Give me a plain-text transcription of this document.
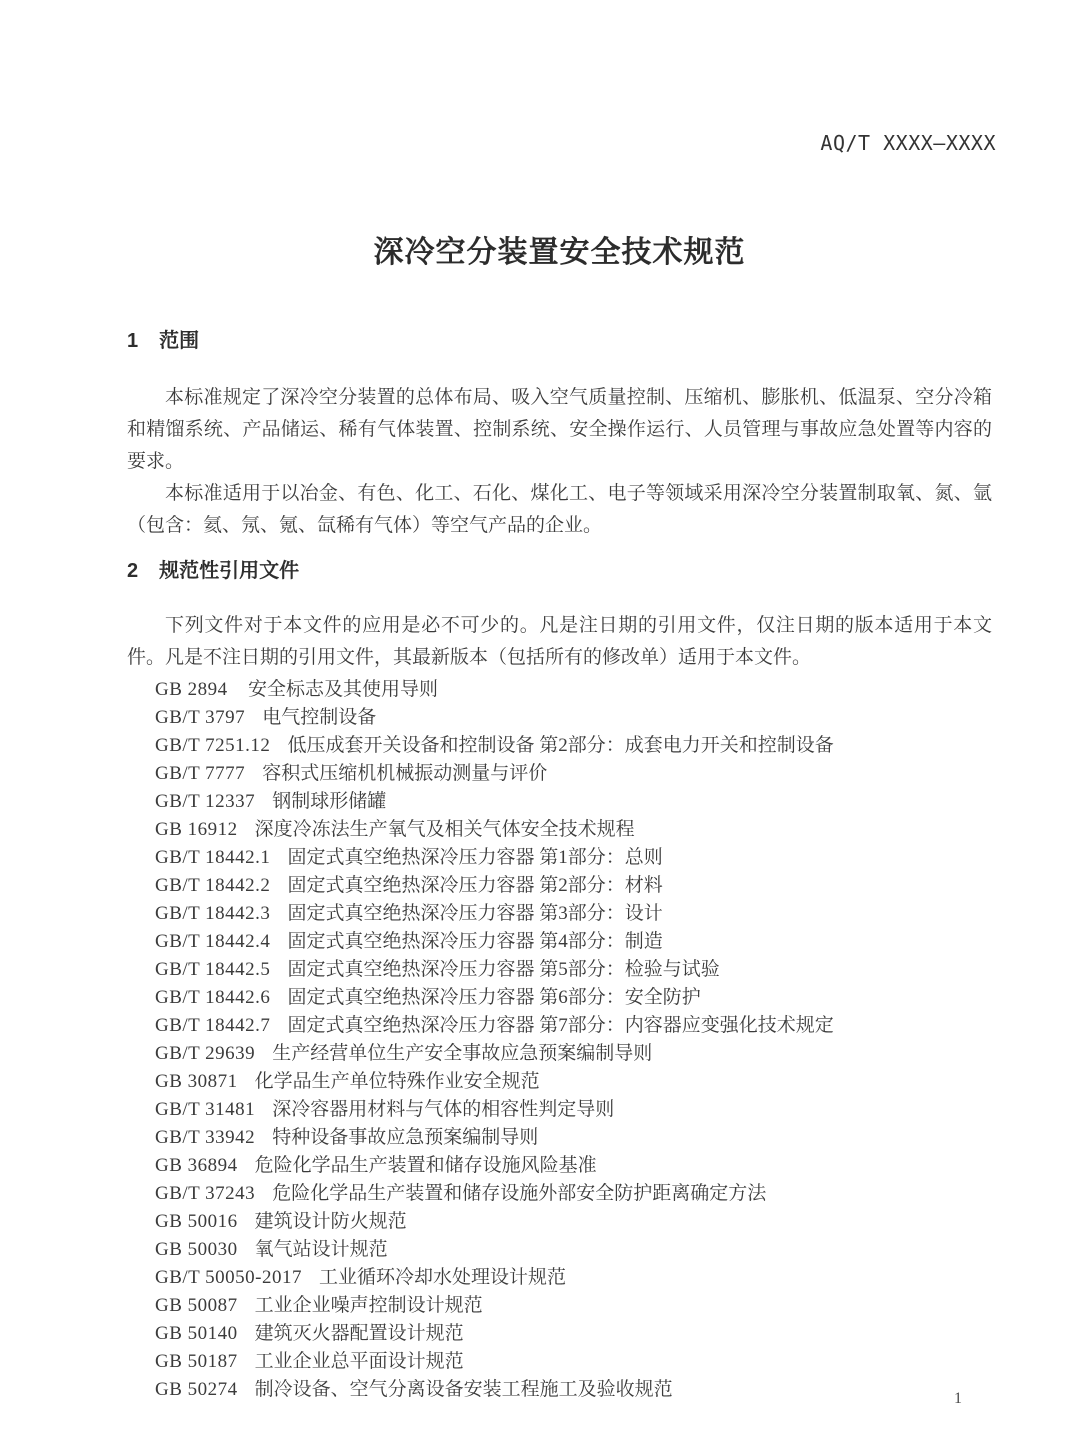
AQ/T XXXX—XXXX
深冷空分装置安全技术规范
1 范围

本标准规定了深冷空分装置的总体布局、吸入空气质量控制、压缩机、膨胀机、低温泵、空分冷箱和精馏系统、产品储运、稀有气体装置、控制系统、安全操作运行、人员管理与事故应急处置等内容的要求。

本标准适用于以冶金、有色、化工、石化、煤化工、电子等领域采用深冷空分装置制取氧、氮、氩（包含：氦、氖、氪、氙稀有气体）等空气产品的企业。

2 规范性引用文件

下列文件对于本文件的应用是必不可少的。凡是注日期的引用文件，仅注日期的版本适用于本文件。凡是不注日期的引用文件，其最新版本（包括所有的修改单）适用于本文件。

GB 2894 安全标志及其使用导则
GB/T 3797 电气控制设备
GB/T 7251.12 低压成套开关设备和控制设备 第2部分：成套电力开关和控制设备
GB/T 7777 容积式压缩机机械振动测量与评价
GB/T 12337 钢制球形储罐
GB 16912 深度冷冻法生产氧气及相关气体安全技术规程
GB/T 18442.1 固定式真空绝热深冷压力容器 第1部分：总则
GB/T 18442.2 固定式真空绝热深冷压力容器 第2部分：材料
GB/T 18442.3 固定式真空绝热深冷压力容器 第3部分：设计
GB/T 18442.4 固定式真空绝热深冷压力容器 第4部分：制造
GB/T 18442.5 固定式真空绝热深冷压力容器 第5部分：检验与试验
GB/T 18442.6 固定式真空绝热深冷压力容器 第6部分：安全防护
GB/T 18442.7 固定式真空绝热深冷压力容器 第7部分：内容器应变强化技术规定
GB/T 29639 生产经营单位生产安全事故应急预案编制导则
GB 30871 化学品生产单位特殊作业安全规范
GB/T 31481 深冷容器用材料与气体的相容性判定导则
GB/T 33942 特种设备事故应急预案编制导则
GB 36894 危险化学品生产装置和储存设施风险基准
GB/T 37243 危险化学品生产装置和储存设施外部安全防护距离确定方法
GB 50016 建筑设计防火规范
GB 50030 氧气站设计规范
GB/T 50050-2017 工业循环冷却水处理设计规范
GB 50087 工业企业噪声控制设计规范
GB 50140 建筑灭火器配置设计规范
GB 50187 工业企业总平面设计规范
GB 50274 制冷设备、空气分离设备安装工程施工及验收规范	1
